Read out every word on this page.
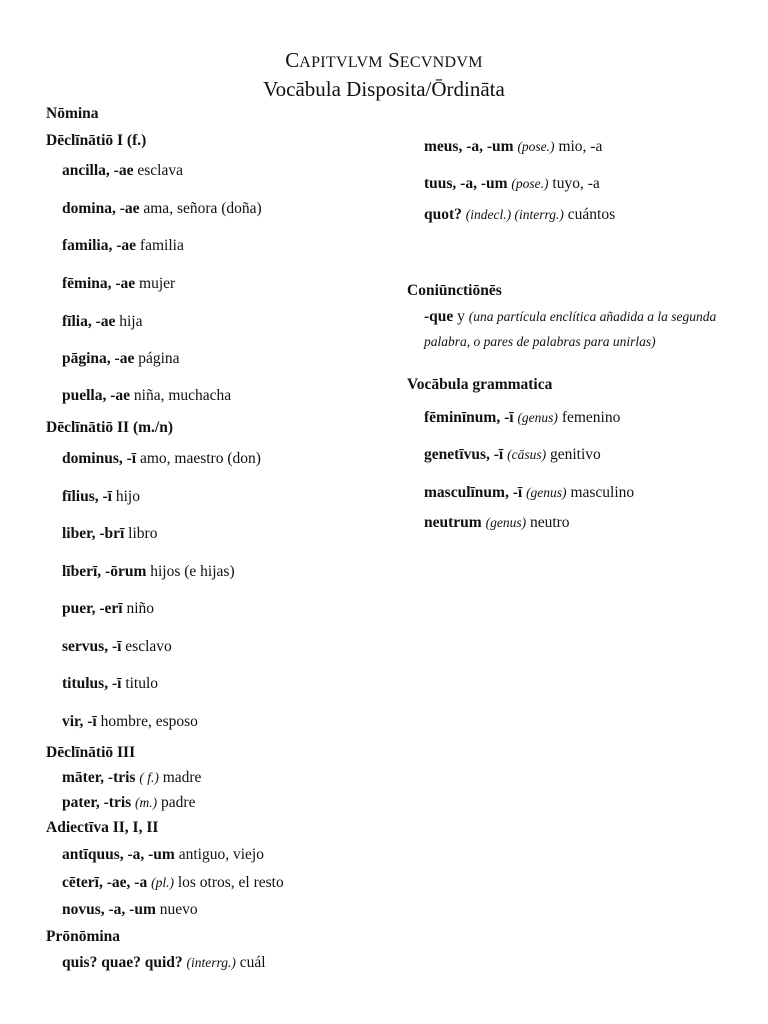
CAPITVLVM SECVNDVM
Vocābula Disposita/Ōrdināta
Nōmina
Dēclīnātiō I (f.)
ancilla, -ae esclava
domina, -ae ama, señora (doña)
familia, -ae familia
fēmina, -ae mujer
fīlia, -ae hija
pāgina, -ae página
puella, -ae niña, muchacha
Dēclīnātiō II (m./n)
dominus, -ī amo, maestro (don)
fīlius, -ī hijo
liber, -brī libro
līberī, -ōrum hijos (e hijas)
puer, -erī niño
servus, -ī esclavo
titulus, -ī titulo
vir, -ī hombre, esposo
Dēclīnātiō III
māter, -tris ( f.) madre
pater, -tris (m.) padre
Adiectīva II, I, II
antīquus, -a, -um antiguo, viejo
cēterī, -ae, -a (pl.) los otros, el resto
novus, -a, -um nuevo
Prōnōmina
quis? quae? quid? (interrg.) cuál
meus, -a, -um (pose.) mio, -a
tuus, -a, -um (pose.) tuyo, -a
quot? (indecl.) (interrg.) cuántos
Coniūnctiōnēs
-que y (una partícula enclítica añadida a la segunda palabra, o pares de palabras para unirlas)
Vocābula grammatica
fēminīnum, -ī (genus) femenino
genetīvus, -ī (cāsus) genitivo
masculīnum, -ī (genus) masculino
neutrum (genus) neutro
